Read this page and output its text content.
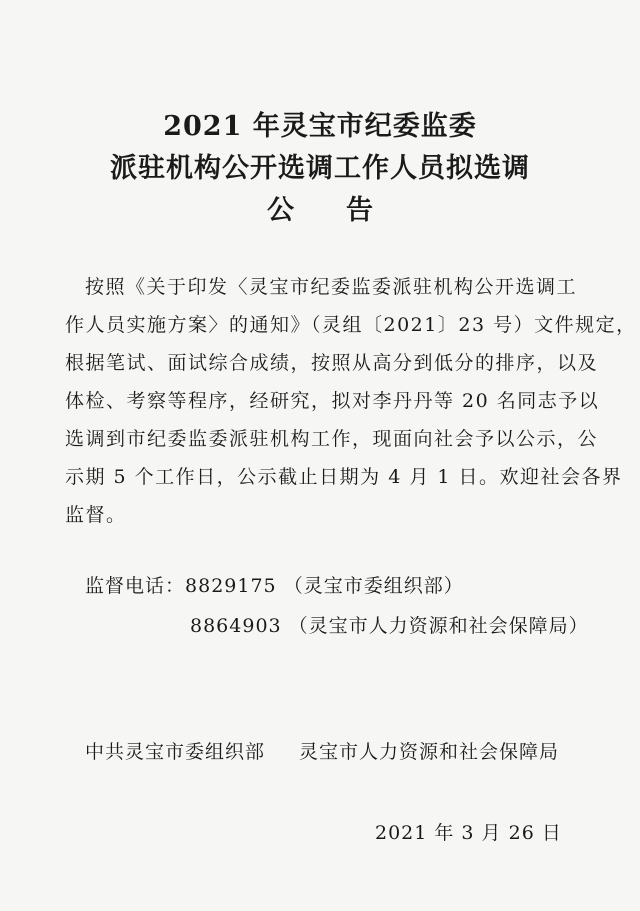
2021 年灵宝市纪委监委
派驻机构公开选调工作人员拟选调
公告
按照《关于印发〈灵宝市纪委监委派驻机构公开选调工
作人员实施方案〉的通知》（灵组〔2021〕23 号）文件规定，
根据笔试、面试综合成绩，按照从高分到低分的排序，以及
体检、考察等程序，经研究，拟对李丹丹等 20 名同志予以
选调到市纪委监委派驻机构工作，现面向社会予以公示，公
示期 5 个工作日，公示截止日期为 4 月 1 日。欢迎社会各界
监督。
监督电话：8829175 （灵宝市委组织部）
8864903 （灵宝市人力资源和社会保障局）
中共灵宝市委组织部 灵宝市人力资源和社会保障局
2021 年 3 月 26 日
